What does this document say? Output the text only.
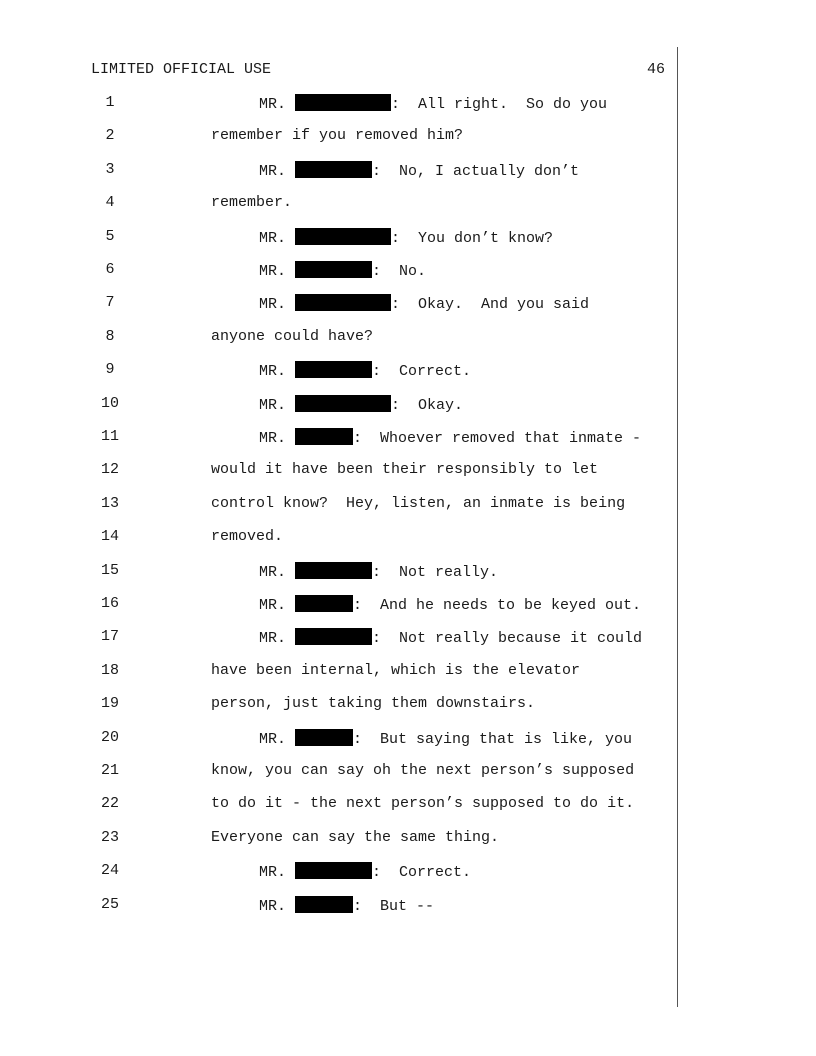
LIMITED OFFICIAL USE	46
1	MR.	:  All right.  So do you
2	remember if you removed him?
3	MR.	:  No, I actually don’t
4	remember.
5	MR.	:  You don’t know?
6	MR.	:  No.
7	MR.	:  Okay.  And you said
8	anyone could have?
9	MR.	:  Correct.
10	MR.	:  Okay.
11	MR.	:  Whoever removed that inmate -
12	would it have been their responsibly to let
13	control know?  Hey, listen, an inmate is being
14	removed.
15	MR.	:  Not really.
16	MR.	:  And he needs to be keyed out.
17	MR.	:  Not really because it could
18	have been internal, which is the elevator
19	person, just taking them downstairs.
20	MR.	:  But saying that is like, you
21	know, you can say oh the next person’s supposed
22	to do it - the next person’s supposed to do it.
23	Everyone can say the same thing.
24	MR.	:  Correct.
25	MR.	:  But --
